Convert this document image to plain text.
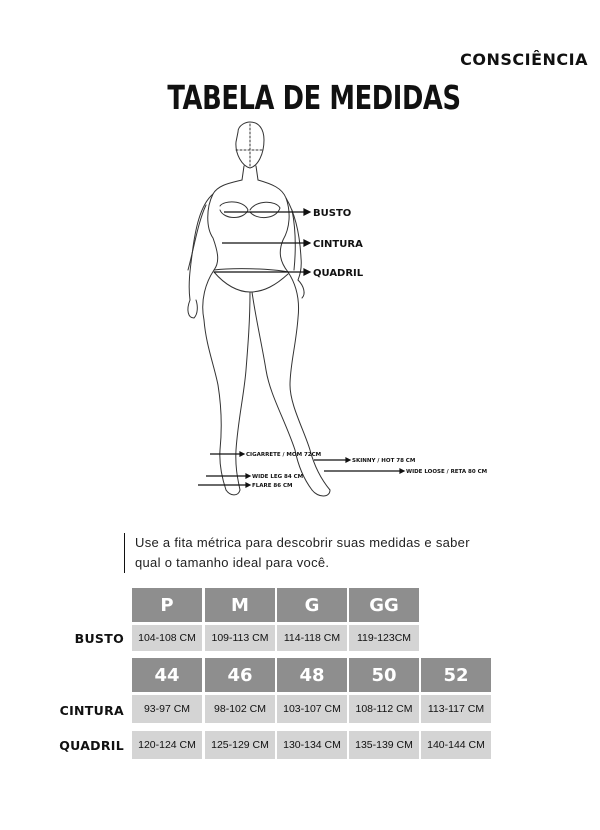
CONSCIÊNCIA
TABELA DE MEDIDAS
BUSTO
CINTURA
QUADRIL
CIGARRETE / MOM 72CM
SKINNY / HOT 78 CM
WIDE LOOSE / RETA 80 CM
WIDE LEG 84 CM
FLARE 86 CM
Use a fita métrica para descobrir suas medidas e saber qual o tamanho ideal para você.
P	M	G	GG
BUSTO	104-108 CM	109-113 CM	114-118 CM	119-123CM
44	46	48	50	52
CINTURA	93-97 CM	98-102 CM	103-107 CM	108-112 CM	113-117 CM
QUADRIL	120-124 CM	125-129 CM	130-134 CM	135-139 CM	140-144 CM
